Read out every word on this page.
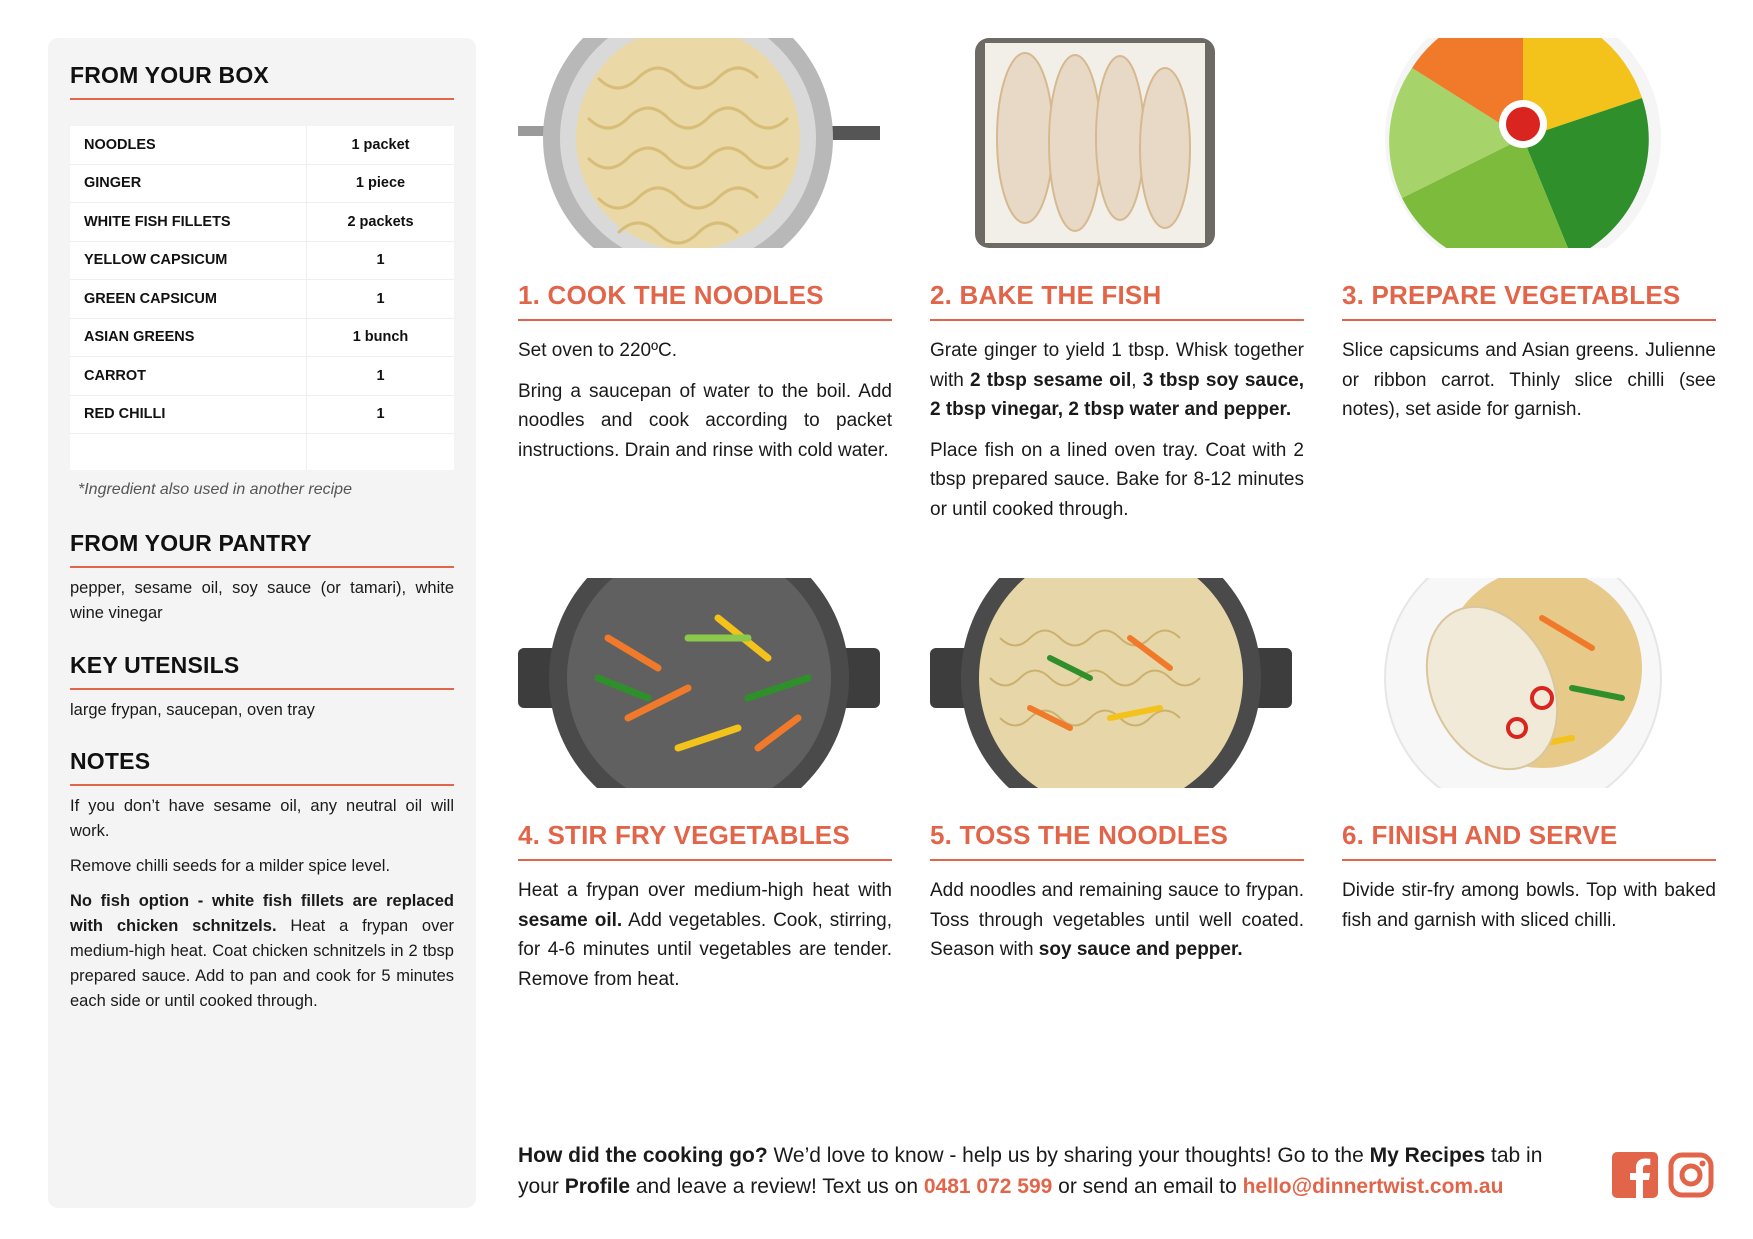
FROM YOUR BOX
NOODLES	1 packet
GINGER	1 piece
WHITE FISH FILLETS	2 packets
YELLOW CAPSICUM	1
GREEN CAPSICUM	1
ASIAN GREENS	1 bunch
CARROT	1
RED CHILLI	1

*Ingredient also used in another recipe
FROM YOUR PANTRY
pepper, sesame oil, soy sauce (or tamari), white wine vinegar
KEY UTENSILS
large frypan, saucepan, oven tray
NOTES

If you don’t have sesame oil, any neutral oil will work.

Remove chilli seeds for a milder spice level.

No fish option - white fish fillets are replaced with chicken schnitzels. Heat a frypan over medium-high heat. Coat chicken schnitzels in 2 tbsp prepared sauce. Add to pan and cook for 5 minutes each side or until cooked through.

1. COOK THE NOODLES	2. BAKE THE FISH	3. PREPARE VEGETABLES

Set oven to 220ºC.

Bring a saucepan of water to the boil. Add noodles and cook according to packet instructions. Drain and rinse with cold water.

Grate ginger to yield 1 tbsp. Whisk together with 2 tbsp sesame oil, 3 tbsp soy sauce, 2 tbsp vinegar, 2 tbsp water and pepper.

Place fish on a lined oven tray. Coat with 2 tbsp prepared sauce. Bake for 8-12 minutes or until cooked through.

Slice capsicums and Asian greens. Julienne or ribbon carrot. Thinly slice chilli (see notes), set aside for garnish.

4. STIR FRY VEGETABLES	5. TOSS THE NOODLES	6. FINISH AND SERVE

Heat a frypan over medium-high heat with sesame oil. Add vegetables. Cook, stirring, for 4-6 minutes until vegetables are tender. Remove from heat.

Add noodles and remaining sauce to frypan. Toss through vegetables until well coated. Season with soy sauce and pepper.

Divide stir-fry among bowls. Top with baked fish and garnish with sliced chilli.

How did the cooking go? We’d love to know - help us by sharing your thoughts! Go to the My Recipes tab in your Profile and leave a review! Text us on 0481 072 599 or send an email to hello@dinnertwist.com.au
